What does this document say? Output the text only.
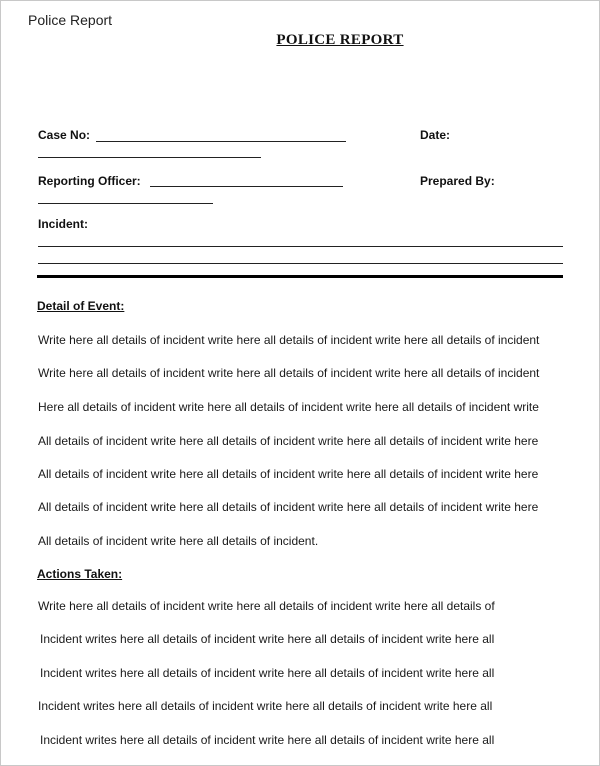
Police Report
POLICE REPORT
Case No:	Date:
Reporting Officer:	Prepared By:
Incident:
Detail of Event:
Write here all details of incident write here all details of incident write here all details of incident
Write here all details of incident write here all details of incident write here all details of incident
Here all details of incident write here all details of incident write here all details of incident write
All details of incident write here all details of incident write here all details of incident write here
All details of incident write here all details of incident write here all details of incident write here
All details of incident write here all details of incident write here all details of incident write here
All details of incident write here all details of incident.
Actions Taken:
Write here all details of incident write here all details of incident write here all details of
Incident writes here all details of incident write here all details of incident write here all
Incident writes here all details of incident write here all details of incident write here all
Incident writes here all details of incident write here all details of incident write here all
Incident writes here all details of incident write here all details of incident write here all
